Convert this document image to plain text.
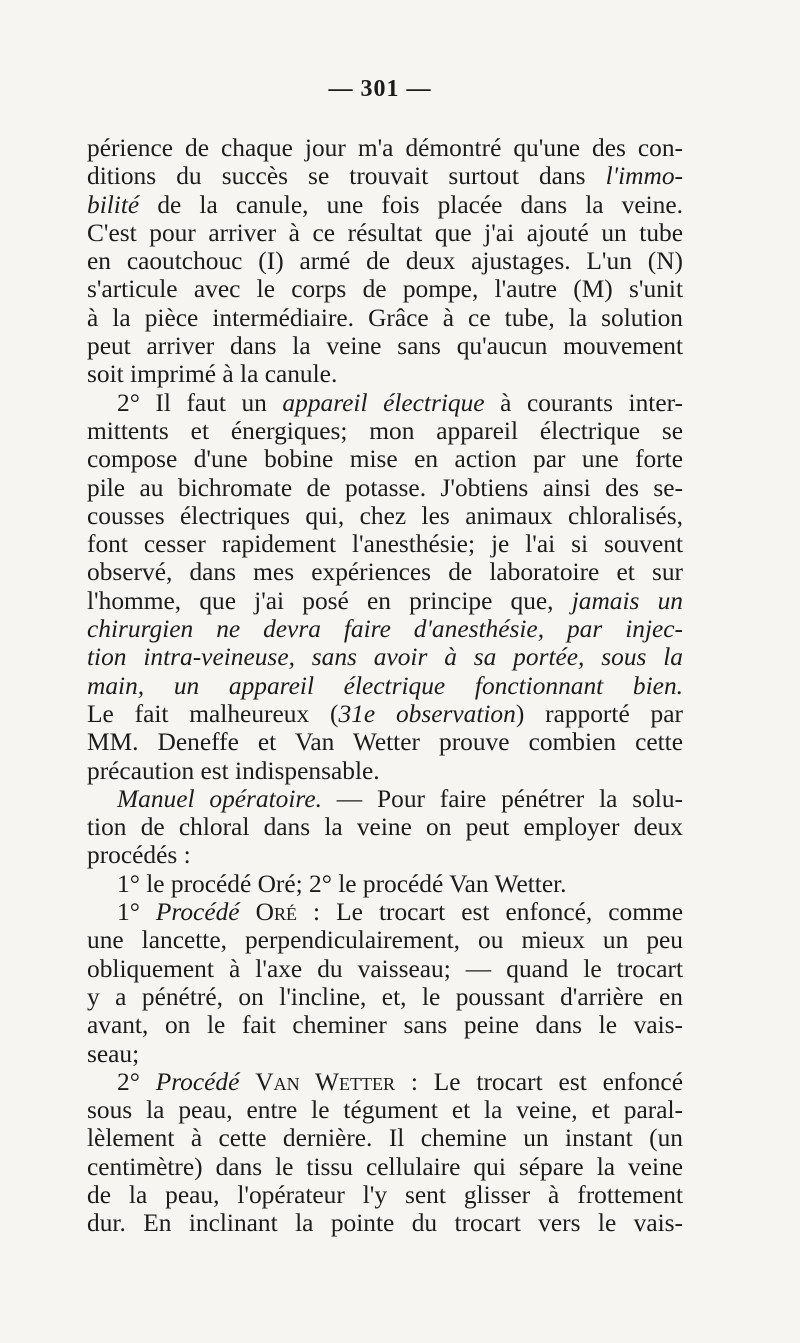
— 301 —
périence de chaque jour m'a démontré qu'une des con-
ditions du succès se trouvait surtout dans l'immo-
bilité de la canule, une fois placée dans la veine.
C'est pour arriver à ce résultat que j'ai ajouté un tube
en caoutchouc (I) armé de deux ajustages. L'un (N)
s'articule avec le corps de pompe, l'autre (M) s'unit
à la pièce intermédiaire. Grâce à ce tube, la solution
peut arriver dans la veine sans qu'aucun mouvement
soit imprimé à la canule.
2° Il faut un appareil électrique à courants inter-
mittents et énergiques; mon appareil électrique se
compose d'une bobine mise en action par une forte
pile au bichromate de potasse. J'obtiens ainsi des se-
cousses électriques qui, chez les animaux chloralisés,
font cesser rapidement l'anesthésie; je l'ai si souvent
observé, dans mes expériences de laboratoire et sur
l'homme, que j'ai posé en principe que, jamais un
chirurgien ne devra faire d'anesthésie, par injec-
tion intra-veineuse, sans avoir à sa portée, sous la
main, un appareil électrique fonctionnant bien.
Le fait malheureux (31e observation) rapporté par
MM. Deneffe et Van Wetter prouve combien cette
précaution est indispensable.
Manuel opératoire. — Pour faire pénétrer la solu-
tion de chloral dans la veine on peut employer deux
procédés :
1° le procédé Oré; 2° le procédé Van Wetter.
1° Procédé Oré : Le trocart est enfoncé, comme
une lancette, perpendiculairement, ou mieux un peu
obliquement à l'axe du vaisseau; — quand le trocart
y a pénétré, on l'incline, et, le poussant d'arrière en
avant, on le fait cheminer sans peine dans le vais-
seau;
2° Procédé Van Wetter : Le trocart est enfoncé
sous la peau, entre le tégument et la veine, et paral-
lèlement à cette dernière. Il chemine un instant (un
centimètre) dans le tissu cellulaire qui sépare la veine
de la peau, l'opérateur l'y sent glisser à frottement
dur. En inclinant la pointe du trocart vers le vais-
